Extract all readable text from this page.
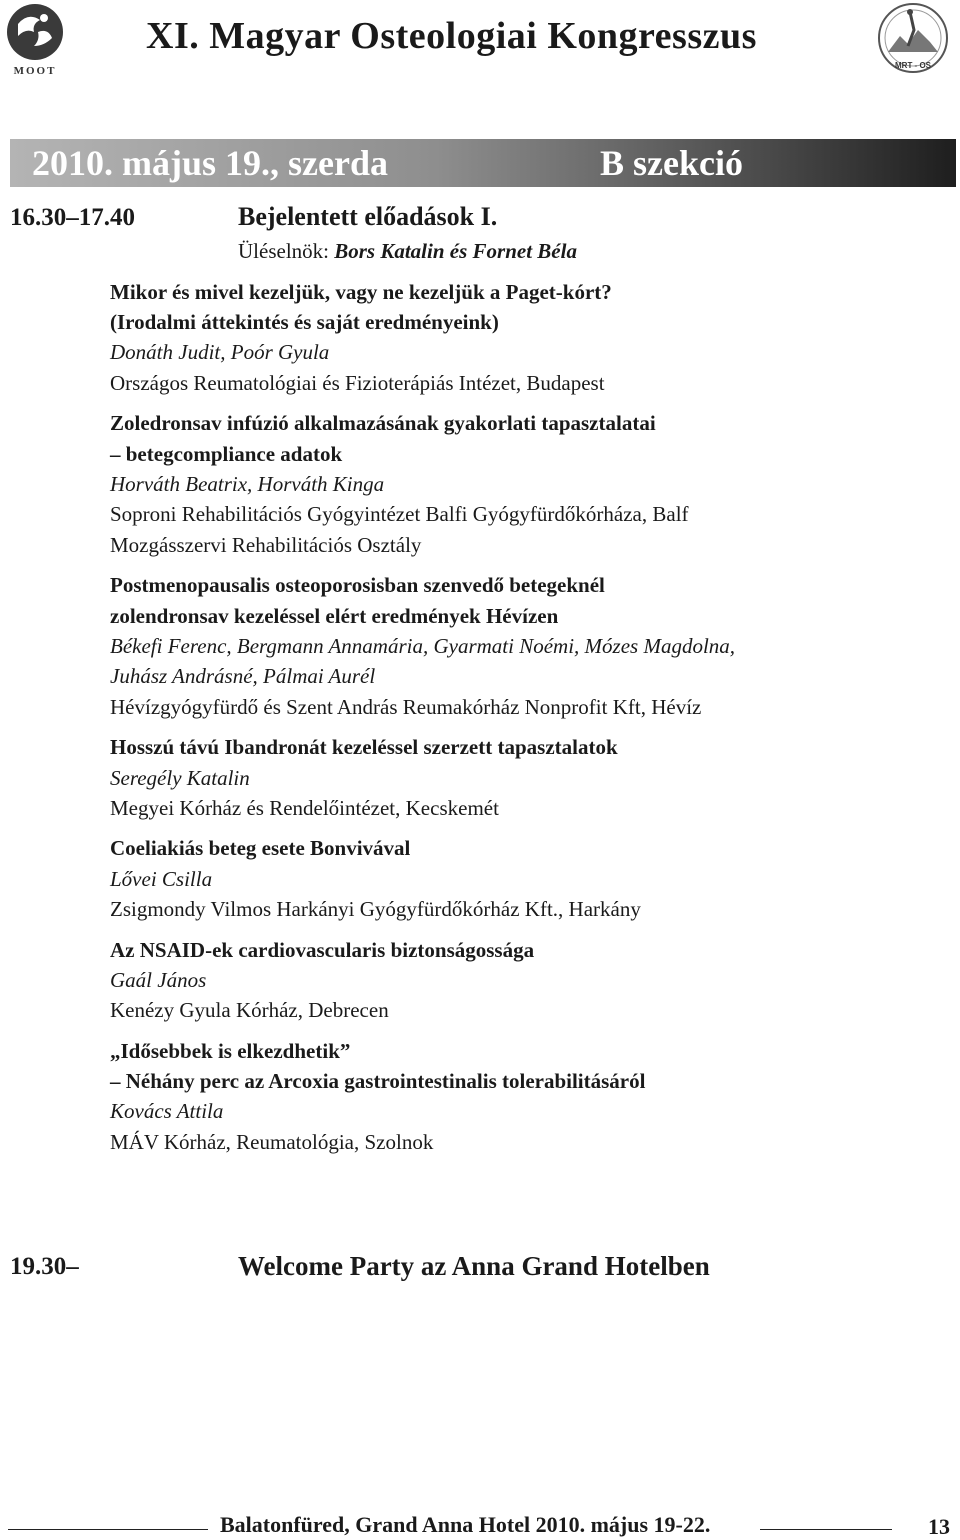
MOOT
XI. Magyar Osteologiai Kongresszus
MRT - OS
2010. május 19., szerda	B szekció
16.30–17.40	Bejelentett előadások I.
Üléselnök: Bors Katalin és Fornet Béla
Mikor és mivel kezeljük, vagy ne kezeljük a Paget-kórt?
(Irodalmi áttekintés és saját eredményeink)
Donáth Judit, Poór Gyula
Országos Reumatológiai és Fizioterápiás Intézet, Budapest
Zoledronsav infúzió alkalmazásának gyakorlati tapasztalatai
– betegcompliance adatok
Horváth Beatrix, Horváth Kinga
Soproni Rehabilitációs Gyógyintézet Balfi Gyógyfürdőkórháza, Balf
Mozgásszervi Rehabilitációs Osztály
Postmenopausalis osteoporosisban szenvedő betegeknél
zolendronsav kezeléssel elért eredmények Hévízen
Békefi Ferenc, Bergmann Annamária, Gyarmati Noémi, Mózes Magdolna,
Juhász Andrásné, Pálmai Aurél
Hévízgyógyfürdő és Szent András Reumakórház Nonprofit Kft, Hévíz
Hosszú távú Ibandronát kezeléssel szerzett tapasztalatok
Seregély Katalin
Megyei Kórház és Rendelőintézet, Kecskemét
Coeliakiás beteg esete Bonvivával
Lővei Csilla
Zsigmondy Vilmos Harkányi Gyógyfürdőkórház Kft., Harkány
Az NSAID-ek cardiovascularis biztonságossága
Gaál János
Kenézy Gyula Kórház, Debrecen
„Idősebbek is elkezdhetik”
– Néhány perc az Arcoxia gastrointestinalis tolerabilitásáról
Kovács Attila
MÁV Kórház, Reumatológia, Szolnok
19.30–	Welcome Party az Anna Grand Hotelben
Balatonfüred, Grand Anna Hotel 2010. május 19-22.	13
